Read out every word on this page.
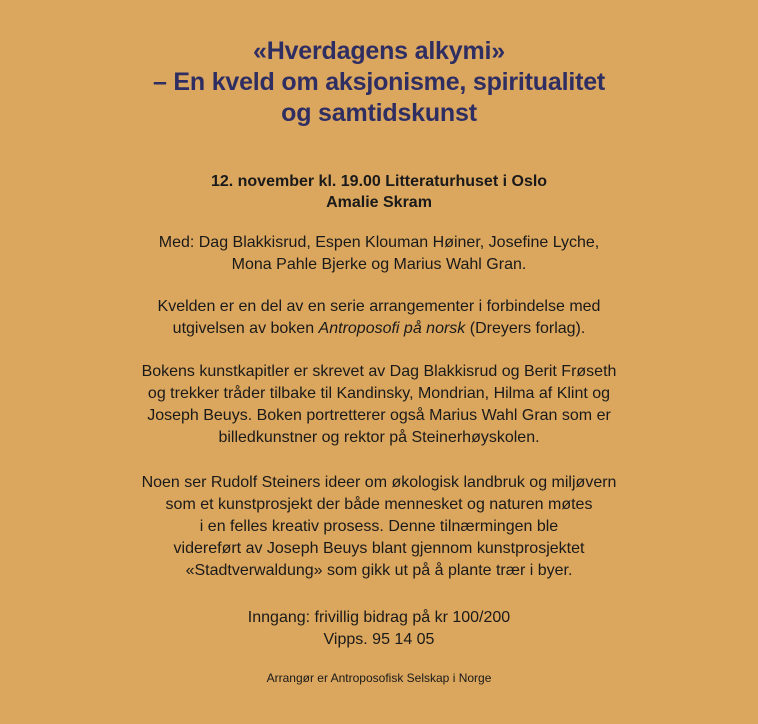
«Hverdagens alkymi»
– En kveld om aksjonisme, spiritualitet
og samtidskunst
12. november kl. 19.00 Litteraturhuset i Oslo
Amalie Skram

Med: Dag Blakkisrud, Espen Klouman Høiner, Josefine Lyche,
Mona Pahle Bjerke og Marius Wahl Gran.

Kvelden er en del av en serie arrangementer i forbindelse med
utgivelsen av boken Antroposofi på norsk (Dreyers forlag).

Bokens kunstkapitler er skrevet av Dag Blakkisrud og Berit Frøseth
og trekker tråder tilbake til Kandinsky, Mondrian, Hilma af Klint og
Joseph Beuys. Boken portretterer også Marius Wahl Gran som er
billedkunstner og rektor på Steinerhøyskolen.

Noen ser Rudolf Steiners ideer om økologisk landbruk og miljøvern
som et kunstprosjekt der både mennesket og naturen møtes
i en felles kreativ prosess. Denne tilnærmingen ble
videreført av Joseph Beuys blant gjennom kunstprosjektet
«Stadtverwaldung» som gikk ut på å plante trær i byer.

Inngang: frivillig bidrag på kr 100/200
Vipps. 95 14 05

Arrangør er Antroposofisk Selskap i Norge
